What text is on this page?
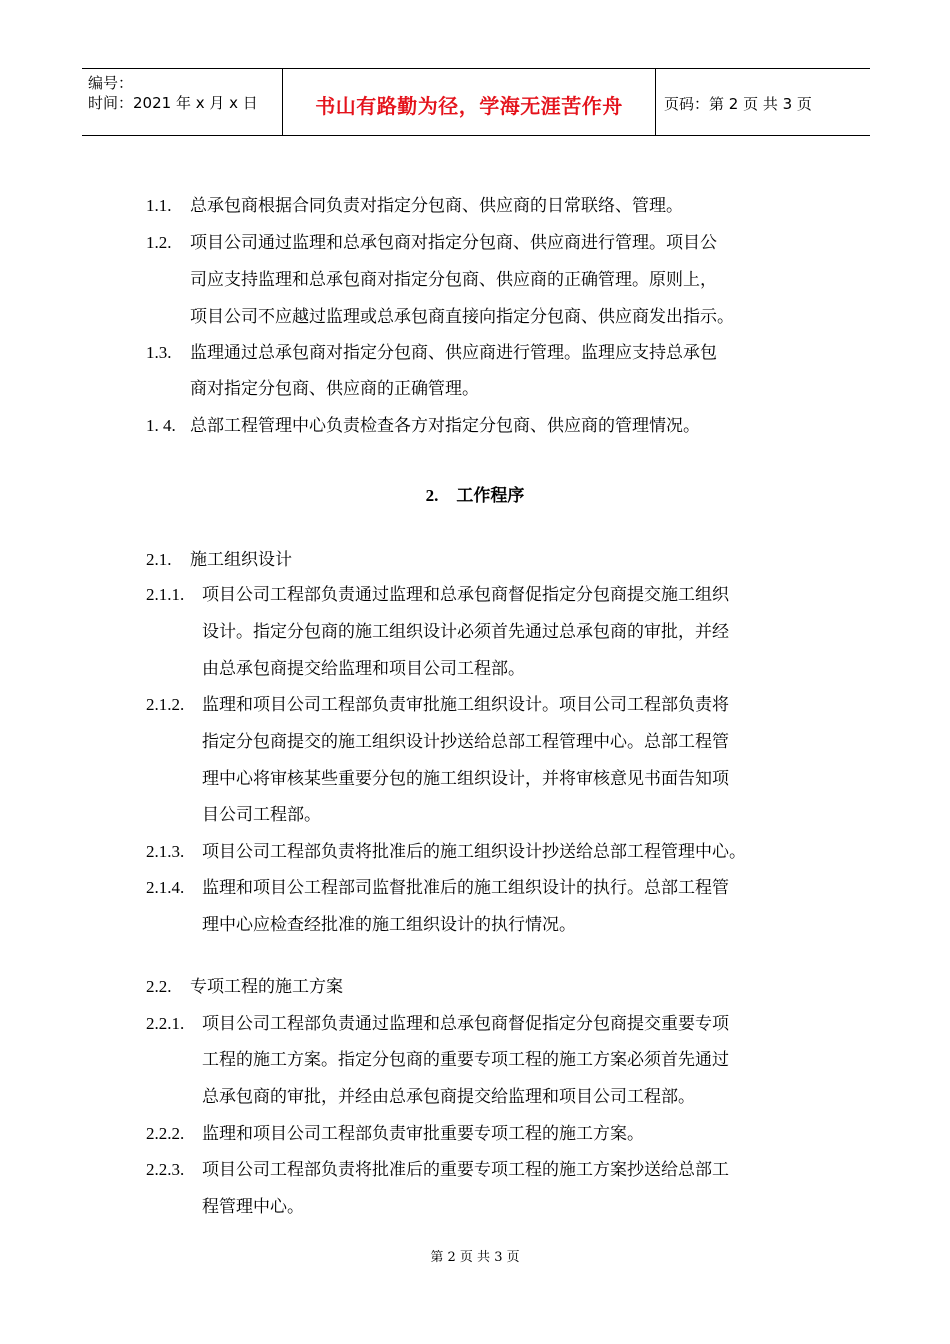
编号：
时间：2021 年 x 月 x 日	书山有路勤为径，学海无涯苦作舟	页码：第 2 页 共 3 页
1.1. 总承包商根据合同负责对指定分包商、供应商的日常联络、管理。
1.2. 项目公司通过监理和总承包商对指定分包商、供应商进行管理。项目公
司应支持监理和总承包商对指定分包商、供应商的正确管理。原则上，
项目公司不应越过监理或总承包商直接向指定分包商、供应商发出指示。
1.3. 监理通过总承包商对指定分包商、供应商进行管理。监理应支持总承包
商对指定分包商、供应商的正确管理。
1. 4. 总部工程管理中心负责检查各方对指定分包商、供应商的管理情况。
2. 工作程序
2.1. 施工组织设计
2.1.1. 项目公司工程部负责通过监理和总承包商督促指定分包商提交施工组织
设计。指定分包商的施工组织设计必须首先通过总承包商的审批，并经
由总承包商提交给监理和项目公司工程部。
2.1.2. 监理和项目公司工程部负责审批施工组织设计。项目公司工程部负责将
指定分包商提交的施工组织设计抄送给总部工程管理中心。总部工程管
理中心将审核某些重要分包的施工组织设计，并将审核意见书面告知项
目公司工程部。
2.1.3. 项目公司工程部负责将批准后的施工组织设计抄送给总部工程管理中心。
2.1.4. 监理和项目公工程部司监督批准后的施工组织设计的执行。总部工程管
理中心应检查经批准的施工组织设计的执行情况。
2.2. 专项工程的施工方案
2.2.1. 项目公司工程部负责通过监理和总承包商督促指定分包商提交重要专项
工程的施工方案。指定分包商的重要专项工程的施工方案必须首先通过
总承包商的审批，并经由总承包商提交给监理和项目公司工程部。
2.2.2. 监理和项目公司工程部负责审批重要专项工程的施工方案。
2.2.3. 项目公司工程部负责将批准后的重要专项工程的施工方案抄送给总部工
程管理中心。
第 2 页 共 3 页
